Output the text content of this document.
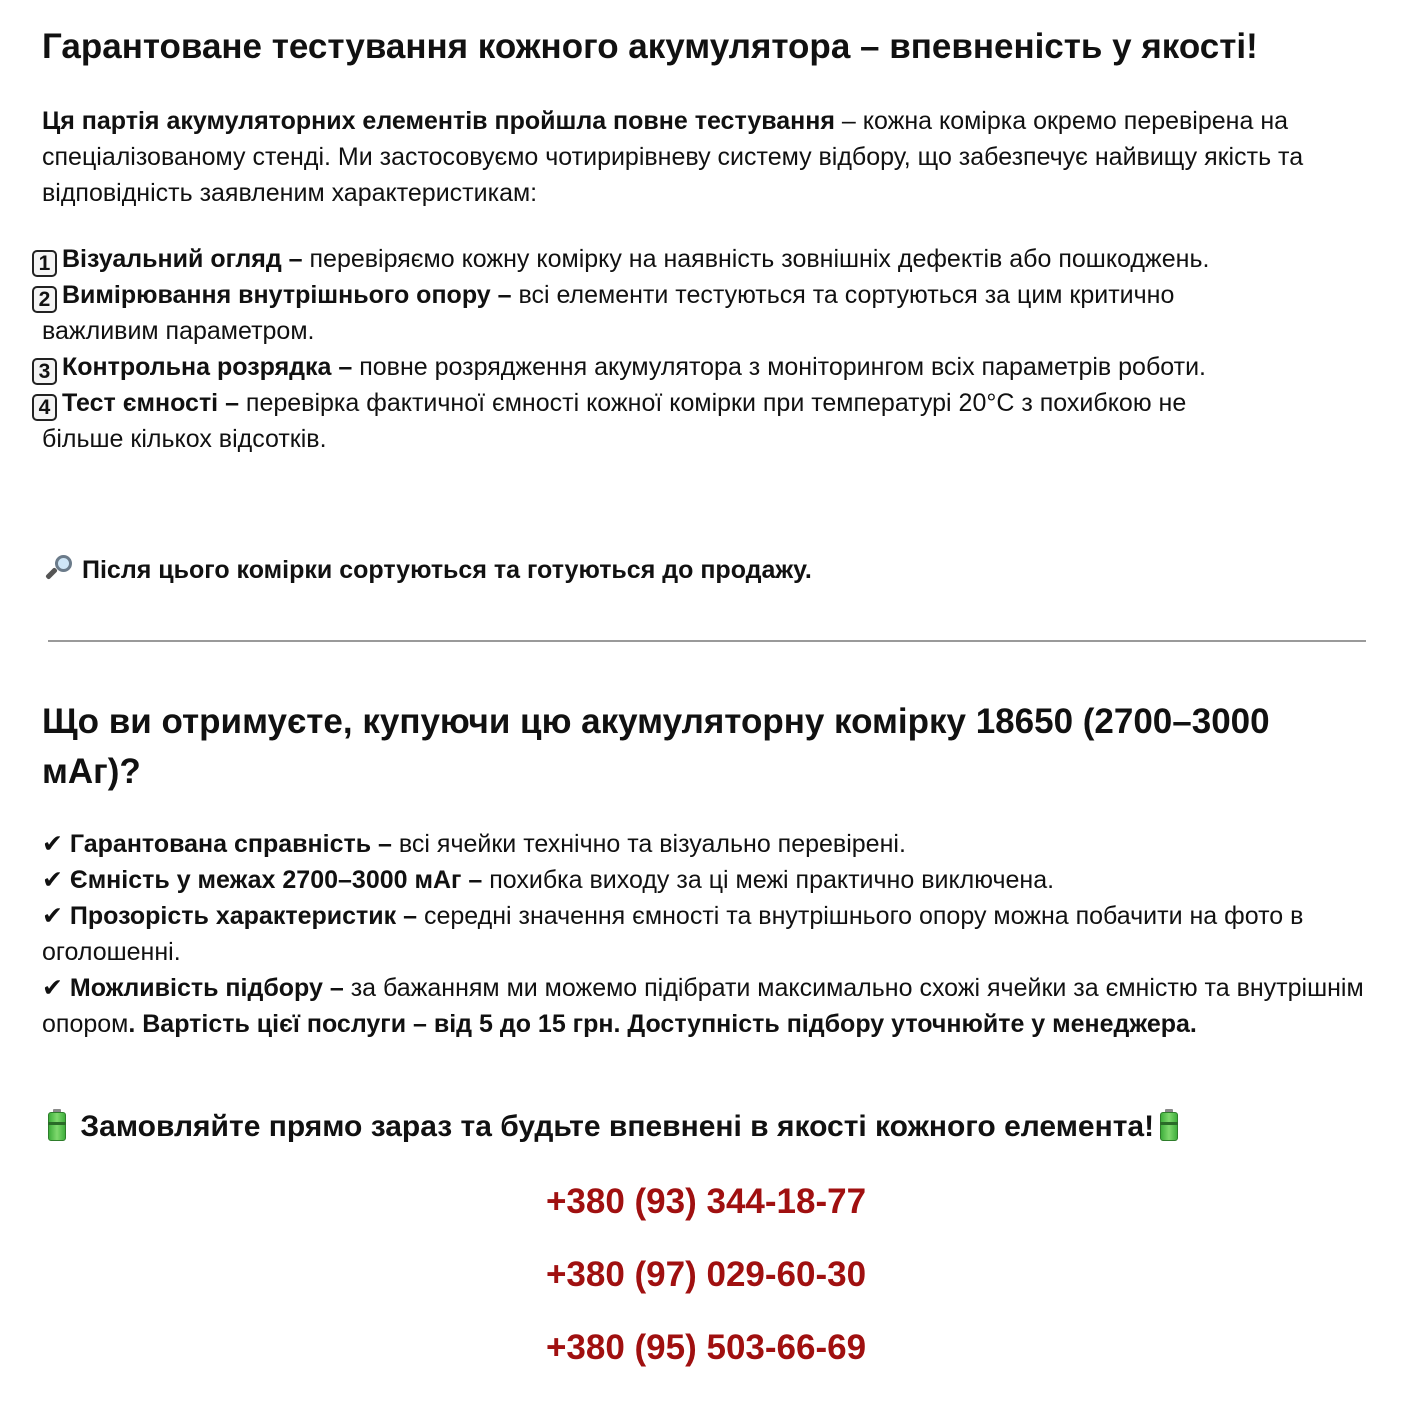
Гарантоване тестування кожного акумулятора – впевненість у якості!

Ця партія акумуляторних елементів пройшла повне тестування – кожна комірка окремо перевірена на спеціалізованому стенді. Ми застосовуємо чотирирівневу систему відбору, що забезпечує найвищу якість та відповідність заявленим характеристикам:

1 Візуальний огляд – перевіряємо кожну комірку на наявність зовнішніх дефектів або пошкоджень.

2 Вимірювання внутрішнього опору – всі елементи тестуються та сортуються за цим критично
важливим параметром.

3 Контрольна розрядка – повне розрядження акумулятора з моніторингом всіх параметрів роботи.

4 Тест ємності – перевірка фактичної ємності кожної комірки при температурі 20°C з похибкою не
більше кількох відсотків.

Після цього комірки сортуються та готуються до продажу.

Що ви отримуєте, купуючи цю акумуляторну комірку 18650 (2700–3000 мАг)?

✔ Гарантована справність – всі ячейки технічно та візуально перевірені.

✔ Ємність у межах 2700–3000 мАг – похибка виходу за ці межі практично виключена.

✔ Прозорість характеристик – середні значення ємності та внутрішнього опору можна побачити на фото в оголошенні.

✔ Можливість підбору – за бажанням ми можемо підібрати максимально схожі ячейки за ємністю та внутрішнім опором. Вартість цієї послуги – від 5 до 15 грн. Доступність підбору уточнюйте у менеджера.

Замовляйте прямо зараз та будьте впевнені в якості кожного елемента!

+380 (93) 344-18-77
+380 (97) 029-60-30
+380 (95) 503-66-69
